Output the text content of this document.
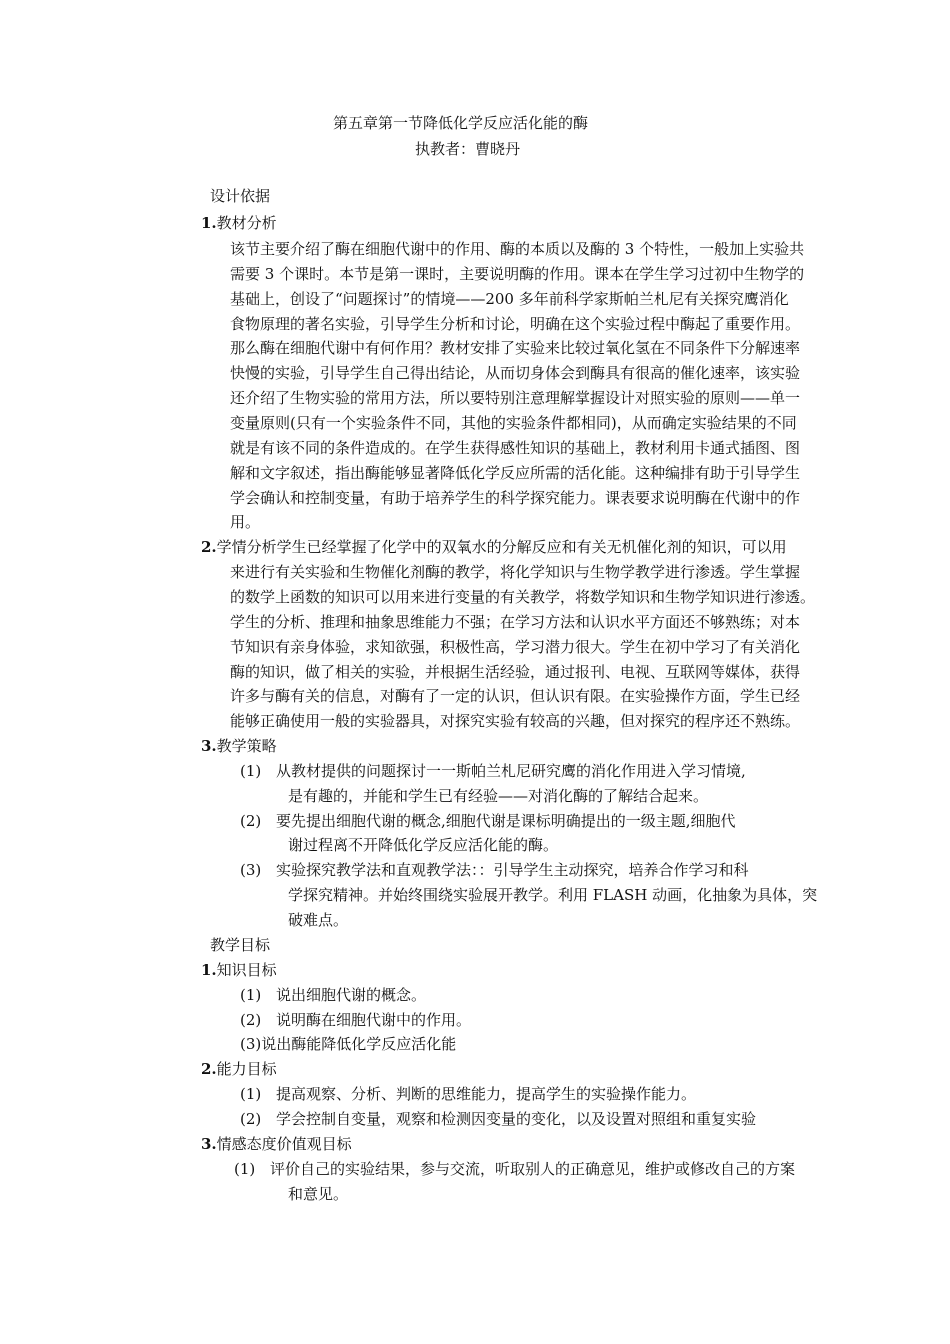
第五章第一节降低化学反应活化能的酶
执教者：曹晓丹
设计依据
1.教材分析
该节主要介绍了酶在细胞代谢中的作用、酶的本质以及酶的 3 个特性，一般加上实验共
需要 3 个课时。本节是第一课时，主要说明酶的作用。课本在学生学习过初中生物学的
基础上，创设了“问题探讨”的情境——200 多年前科学家斯帕兰札尼有关探究鹰消化
食物原理的著名实验，引导学生分析和讨论，明确在这个实验过程中酶起了重要作用。
那么酶在细胞代谢中有何作用？教材安排了实验来比较过氧化氢在不同条件下分解速率
快慢的实验，引导学生自己得出结论，从而切身体会到酶具有很高的催化速率，该实验
还介绍了生物实验的常用方法，所以要特别注意理解掌握设计对照实验的原则——单一
变量原则(只有一个实验条件不同，其他的实验条件都相同)，从而确定实验结果的不同
就是有该不同的条件造成的。在学生获得感性知识的基础上，教材利用卡通式插图、图
解和文字叙述，指出酶能够显著降低化学反应所需的活化能。这种编排有助于引导学生
学会确认和控制变量，有助于培养学生的科学探究能力。课表要求说明酶在代谢中的作
用。
2.学情分析学生已经掌握了化学中的双氧水的分解反应和有关无机催化剂的知识，可以用
来进行有关实验和生物催化剂酶的教学，将化学知识与生物学教学进行渗透。学生掌握
的数学上函数的知识可以用来进行变量的有关教学，将数学知识和生物学知识进行渗透。
学生的分析、推理和抽象思维能力不强；在学习方法和认识水平方面还不够熟练；对本
节知识有亲身体验，求知欲强，积极性高，学习潜力很大。学生在初中学习了有关消化
酶的知识，做了相关的实验，并根据生活经验，通过报刊、电视、互联网等媒体，获得
许多与酶有关的信息，对酶有了一定的认识，但认识有限。在实验操作方面，学生已经
能够正确使用一般的实验器具，对探究实验有较高的兴趣，但对探究的程序还不熟练。
3.教学策略
(1) 从教材提供的问题探讨一一斯帕兰札尼研究鹰的消化作用进入学习情境,
是有趣的，并能和学生已有经验——对消化酶的了解结合起来。
(2) 要先提出细胞代谢的概念,细胞代谢是课标明确提出的一级主题,细胞代
谢过程离不开降低化学反应活化能的酶。
(3) 实验探究教学法和直观教学法：：引导学生主动探究，培养合作学习和科
学探究精神。并始终围绕实验展开教学。利用 FLASH 动画，化抽象为具体，突
破难点。
教学目标
1.知识目标
(1) 说出细胞代谢的概念。
(2) 说明酶在细胞代谢中的作用。
(3)说出酶能降低化学反应活化能
2.能力目标
(1) 提高观察、分析、判断的思维能力，提高学生的实验操作能力。
(2) 学会控制自变量，观察和检测因变量的变化，以及设置对照组和重复实验
3.情感态度价值观目标
(1) 评价自己的实验结果，参与交流，听取别人的正确意见，维护或修改自己的方案
和意见。
